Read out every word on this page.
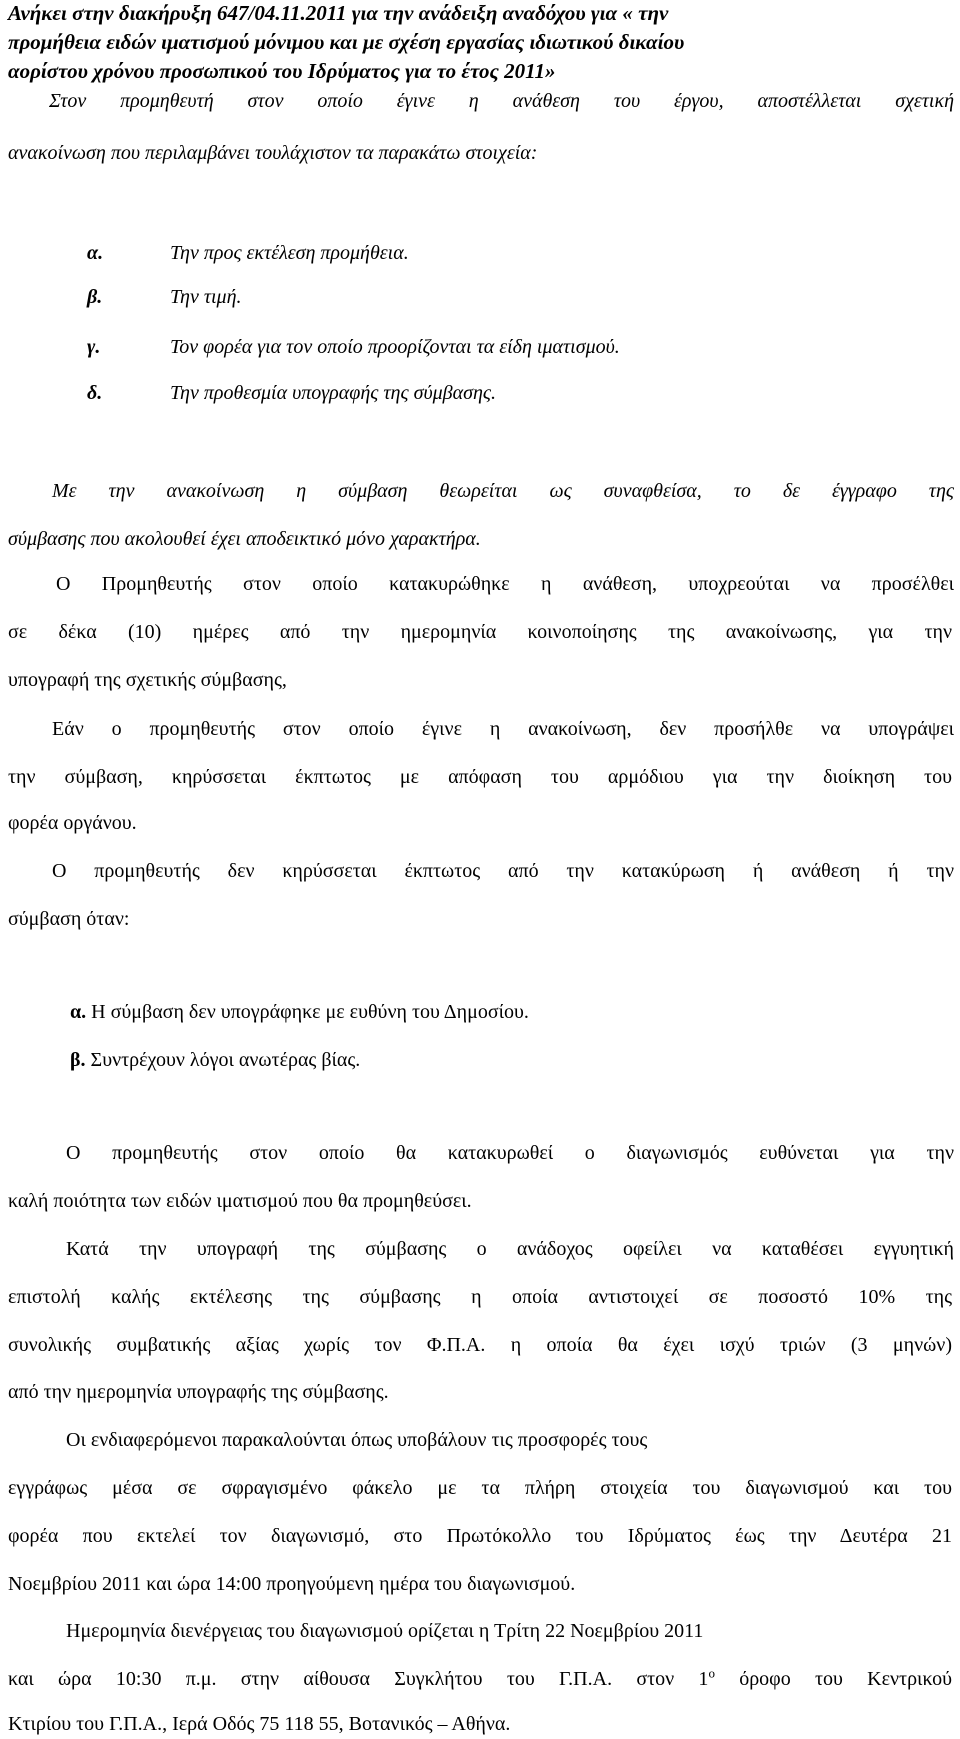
Ανήκει στην διακήρυξη 647/04.11.2011 για την ανάδειξη αναδόχου για « την
προμήθεια ειδών ιματισμού μόνιμου και με σχέση εργασίας ιδιωτικού δικαίου
αορίστου χρόνου προσωπικού του Ιδρύματος για το έτος 2011»
Στον προμηθευτή στον οποίο έγινε η ανάθεση του έργου, αποστέλλεται σχετική
ανακοίνωση που περιλαμβάνει τουλάχιστον τα παρακάτω στοιχεία:
α.	Την προς εκτέλεση προμήθεια.
β.	Την τιμή.
γ.	Τον φορέα για τον οποίο προορίζονται τα είδη ιματισμού.
δ.	Την προθεσμία υπογραφής της σύμβασης.
Με την ανακοίνωση η σύμβαση θεωρείται ως συναφθείσα, το δε έγγραφο της
σύμβασης που ακολουθεί έχει αποδεικτικό μόνο χαρακτήρα.
Ο Προμηθευτής στον οποίο κατακυρώθηκε η ανάθεση, υποχρεούται να προσέλθει
σε δέκα (10) ημέρες από την ημερομηνία κοινοποίησης της ανακοίνωσης, για την
υπογραφή της σχετικής σύμβασης,
Εάν ο προμηθευτής στον οποίο έγινε η ανακοίνωση, δεν προσήλθε να υπογράψει
την σύμβαση, κηρύσσεται έκπτωτος με απόφαση του αρμόδιου για την διοίκηση του
φορέα οργάνου.
Ο προμηθευτής δεν κηρύσσεται έκπτωτος από την κατακύρωση ή ανάθεση ή την
σύμβαση όταν:
α. Η σύμβαση δεν υπογράφηκε με ευθύνη του Δημοσίου.
β. Συντρέχουν λόγοι ανωτέρας βίας.
Ο προμηθευτής στον οποίο θα κατακυρωθεί ο διαγωνισμός ευθύνεται για την
καλή ποιότητα των ειδών ιματισμού που θα προμηθεύσει.
Κατά την υπογραφή της σύμβασης ο ανάδοχος οφείλει να καταθέσει εγγυητική
επιστολή καλής εκτέλεσης της σύμβασης η οποία αντιστοιχεί σε ποσοστό 10% της
συνολικής συμβατικής αξίας χωρίς τον Φ.Π.Α. η οποία θα έχει ισχύ τριών (3 μηνών)
από την ημερομηνία υπογραφής της σύμβασης.
Οι ενδιαφερόμενοι παρακαλούνται όπως υποβάλουν τις προσφορές τους
εγγράφως μέσα σε σφραγισμένο φάκελο με τα πλήρη στοιχεία του διαγωνισμού και του
φορέα που εκτελεί τον διαγωνισμό, στο Πρωτόκολλο του Ιδρύματος έως την Δευτέρα 21
Νοεμβρίου 2011 και ώρα 14:00 προηγούμενη ημέρα του διαγωνισμού.
Ημερομηνία διενέργειας του διαγωνισμού ορίζεται η Τρίτη 22 Νοεμβρίου 2011
και ώρα 10:30 π.μ. στην αίθουσα Συγκλήτου του Γ.Π.Α. στον $1^o$ όροφο του Κεντρικού
Κτιρίου του Γ.Π.Α., Ιερά Οδός 75 118 55, Βοτανικός – Αθήνα.
